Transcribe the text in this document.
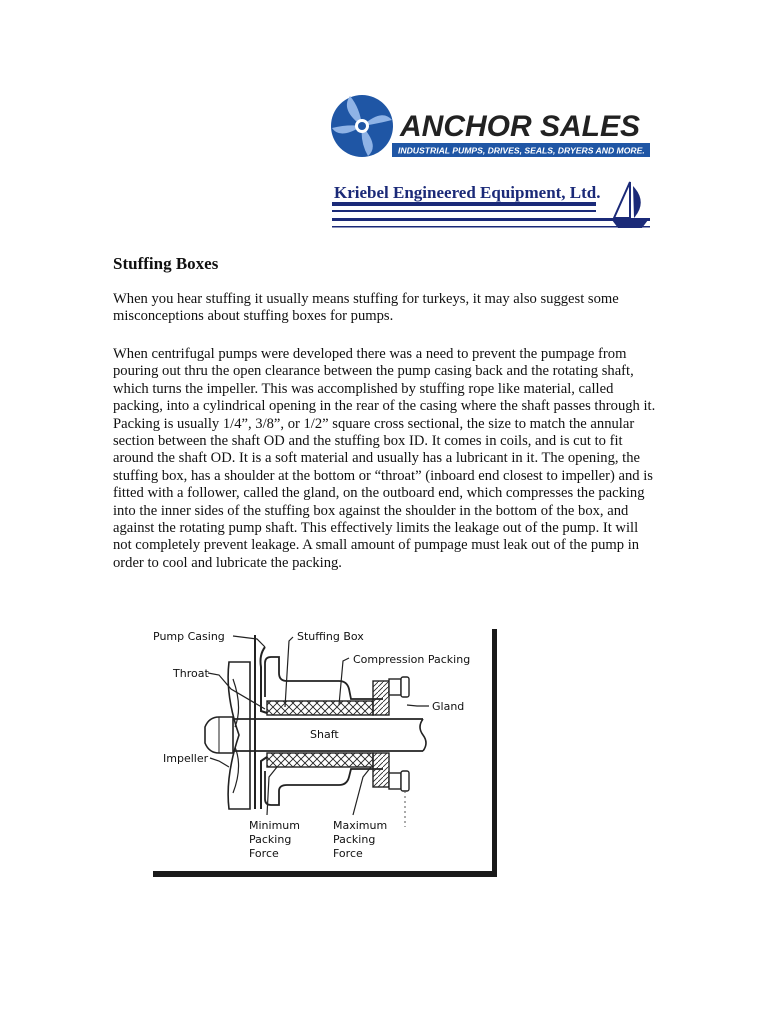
ANCHOR SALES
INDUSTRIAL PUMPS, DRIVES, SEALS, DRYERS AND MORE.
Kriebel Engineered Equipment, Ltd.
Stuffing Boxes

When you hear stuffing it usually means stuffing for turkeys, it may also suggest some misconceptions about stuffing boxes for pumps.

When centrifugal pumps were developed there was a need to prevent the pumpage from pouring out thru the open clearance between the pump casing back and the rotating shaft, which turns the impeller. This was accomplished by stuffing rope like material, called packing, into a cylindrical opening in the rear of the casing where the shaft passes through it. Packing is usually 1/4”, 3/8”, or 1/2” square cross sectional, the size to match the annular section between the shaft OD and the stuffing box ID. It comes in coils, and is cut to fit around the shaft OD. It is a soft material and usually has a lubricant in it. The opening, the stuffing box, has a shoulder at the bottom or “throat” (inboard end closest to impeller) and is fitted with a follower, called the gland, on the outboard end, which compresses the packing into the inner sides of the stuffing box against the shoulder in the bottom of the box, and against the rotating pump shaft. This effectively limits the leakage out of the pump. It will not completely prevent leakage. A small amount of pumpage must leak out of the pump in order to cool and lubricate the packing.

Pump Casing	Stuffing Box
Compression Packing
Throat
Gland
Shaft
Impeller
Minimum
Packing
Force
Maximum
Packing
Force
